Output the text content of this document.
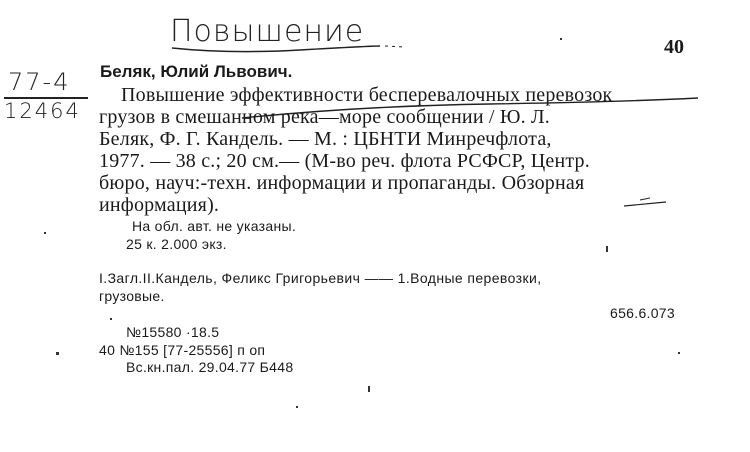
Повышение	40
77-4
12464
Беляк, Юлий Львович.
Повышение эффективности бесперевалочных перевозок
грузов в смешанном река—море сообщении / Ю. Л.
Беляк, Ф. Г. Кандель. — М. : ЦБНТИ Минречфлота,
1977. — 38 с.; 20 см.— (М-во реч. флота РСФСР, Центр.
бюро, науч:-техн. информации и пропаганды. Обзорная
информация).
На обл. авт. не указаны.
25 к. 2.000 экз.
I.Загл.II.Кандель, Феликс Григорьевич —— 1.Водные перевозки,
грузовые.
656.6.073
№15580 ·18.5
40 №155 [77-25556] п оп
Вс.кн.пал. 29.04.77 Б448
